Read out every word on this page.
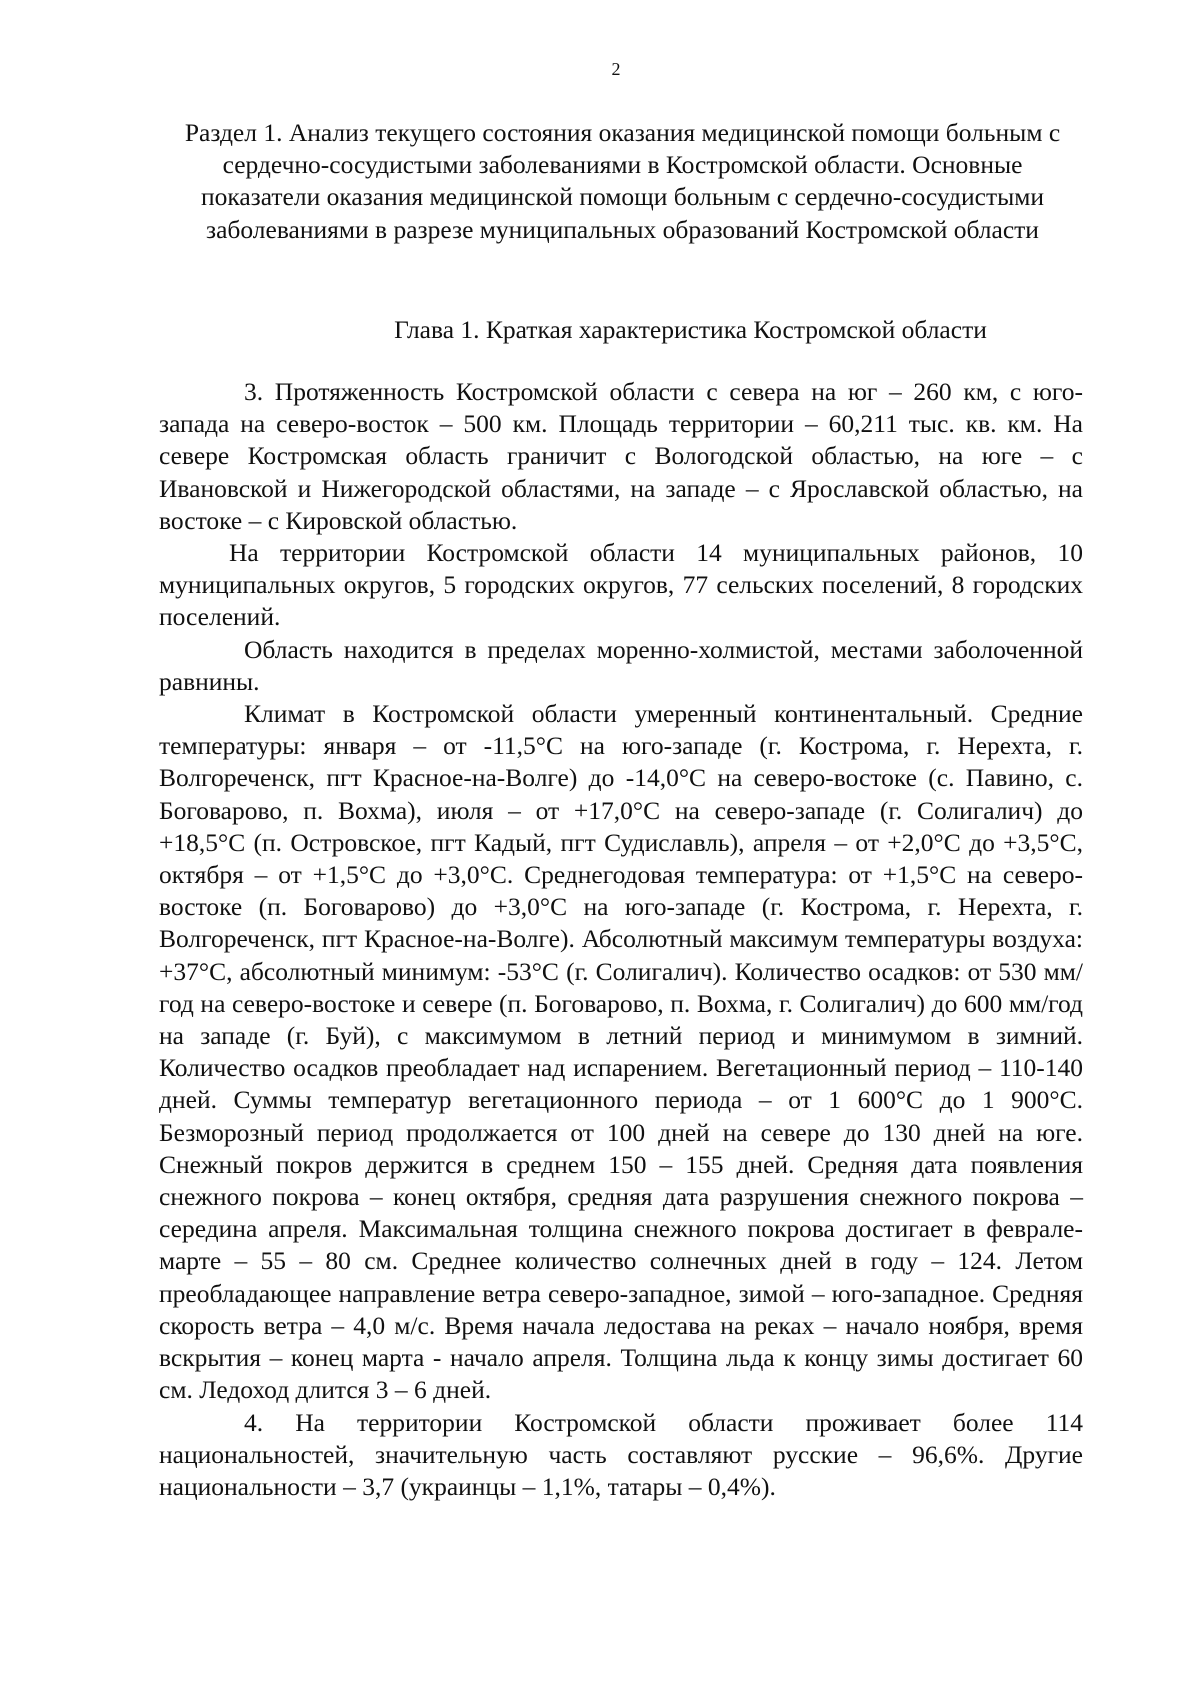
2
Раздел 1. Анализ текущего состояния оказания медицинской помощи больным с сердечно-сосудистыми заболеваниями в Костромской области. Основные показатели оказания медицинской помощи больным с сердечно-сосудистыми заболеваниями в разрезе муниципальных образований Костромской области
Глава 1. Краткая характеристика Костромской области

3. Протяженность Костромской области с севера на юг – 260 км, с юго-запада на северо-восток – 500 км. Площадь территории – 60,211 тыс. кв. км. На севере Костромская область граничит с Вологодской областью, на юге – с Ивановской и Нижегородской областями, на западе – с Ярославской областью, на востоке – с Кировской областью.

На территории Костромской области 14 муниципальных районов, 10 муниципальных округов, 5 городских округов, 77 сельских поселений, 8 городских поселений.

Область находится в пределах моренно-холмистой, местами заболоченной равнины.

Климат в Костромской области умеренный континентальный. Средние температуры: января – от -11,5°C на юго-западе (г. Кострома, г. Нерехта, г. Волгореченск, пгт Красное-на-Волге) до -14,0°C на северо-востоке (с. Павино, с. Боговарово, п. Вохма), июля – от +17,0°C на северо-западе (г. Солигалич) до +18,5°C (п. Островское, пгт Кадый, пгт Судиславль), апреля – от +2,0°C до +3,5°C, октября – от +1,5°C до +3,0°C. Среднегодовая температура: от +1,5°C на северо-востоке (п. Боговарово) до +3,0°C на юго-западе (г. Кострома, г. Нерехта, г. Волгореченск, пгт Красное-на-Волге). Абсолютный максимум температуры воздуха: +37°C, абсолютный минимум: -53°C (г. Солигалич). Количество осадков: от 530 мм/год на северо-востоке и севере (п. Боговарово, п. Вохма, г. Солигалич) до 600 мм/год на западе (г. Буй), с максимумом в летний период и минимумом в зимний. Количество осадков преобладает над испарением. Вегетационный период – 110-140 дней. Суммы температур вегетационного периода – от 1 600°C до 1 900°C. Безморозный период продолжается от 100 дней на севере до 130 дней на юге. Снежный покров держится в среднем 150 – 155 дней. Средняя дата появления снежного покрова – конец октября, средняя дата разрушения снежного покрова – середина апреля. Максимальная толщина снежного покрова достигает в феврале-марте – 55 – 80 см. Среднее количество солнечных дней в году – 124. Летом преобладающее направление ветра северо-западное, зимой – юго-западное. Средняя скорость ветра – 4,0 м/с. Время начала ледостава на реках – начало ноября, время вскрытия – конец марта - начало апреля. Толщина льда к концу зимы достигает 60 см. Ледоход длится 3 – 6 дней.

4. На территории Костромской области проживает более 114 национальностей, значительную часть составляют русские – 96,6%. Другие национальности – 3,7 (украинцы – 1,1%, татары – 0,4%).
